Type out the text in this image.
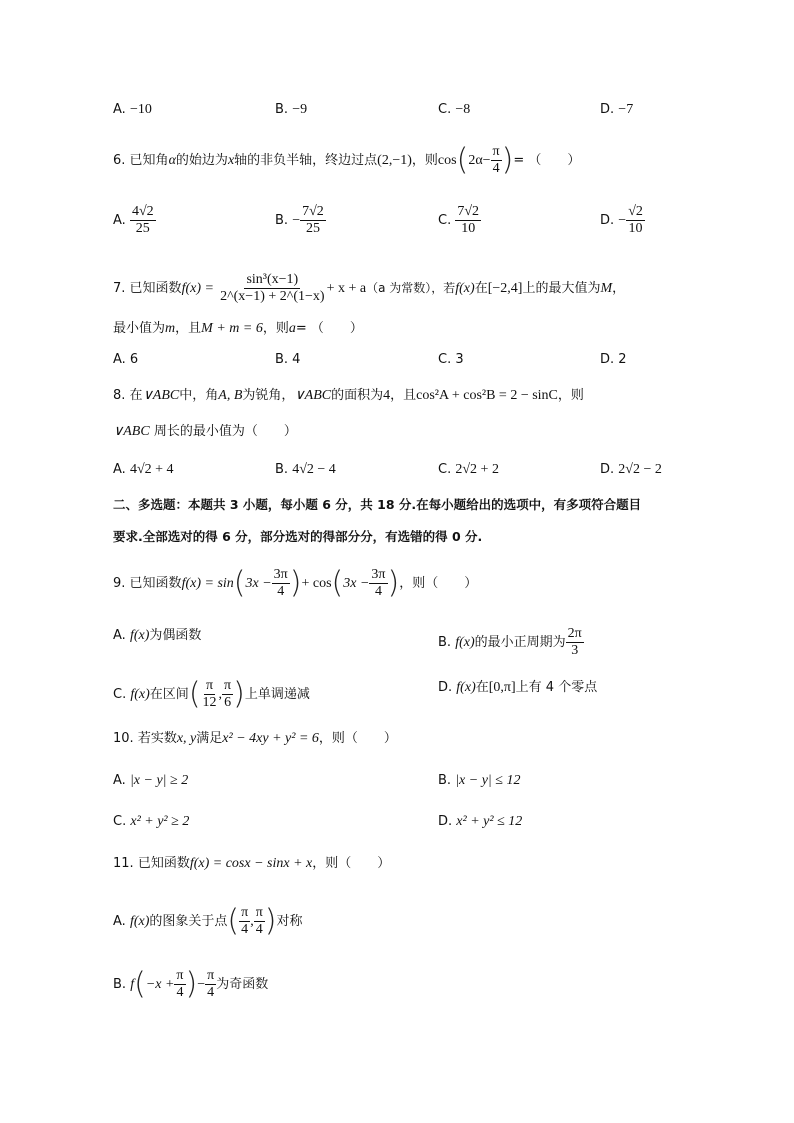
A. −10	B. −9	C. −8	D. −7
6. 已知角α的始边为x轴的非负半轴，终边过点(2,−1)，则$\cos(2\alpha- \frac{\pi}{4}$ )= （　　）
A. $\frac{4√2}{25}$	B. − $\frac{7√2}{25}$	C. $\frac{7√2}{10}$	D. − $\frac{√2}{10}$
7. 已知函数$f(x) = \frac{\text{sin³(x−1)}}{2\^{}(x-1) + 2\^{}(1-x)} + x + a(a$ 为常数），若f(x)在[−2,4]上的最大值为M，
最小值为m，且M + m = 6，则a= （　　）
A. 6	B. 4	C. 3	D. 2
8. 在∨ABC中，角A, B为锐角，∨ABC的面积为4，且cos²A + cos²B = 2 − sinC，则
∨ABC 周长的最小值为（　　）
A. 4√2 + 4	B. 4√2 − 4	C. 2√2 + 2	D. 2√2 − 2
二、多选题：本题共 3 小题，每小题 6 分，共 18 分.在每小题给出的选项中，有多项符合题目
要求.全部选对的得 6 分，部分选对的得部分分，有选错的得 0 分.
9. 已知函数$f(x) = \sin(3x - \frac{3\pi}{4}$ )+ $\cos(3x - \frac{3\pi}{4}$ )，则（　　）
A. f(x)为偶函数	B. f(x)的最小正周期为 $\frac{2\pi}{3}$
C. f(x)在区间( $\frac{\pi}{12}$ , $\frac{\pi}{6}$ )上单调递减	D. f(x)在[0,π]上有 4 个零点
10. 若实数x, y满足x² − 4xy + y² = 6，则（　　）
A. |x − y| ≥ 2	B. |x − y| ≤ 12
C. x² + y² ≥ 2	D. x² + y² ≤ 12
11. 已知函数f(x) = cosx − sinx + x，则（　　）
A. f(x)的图象关于点( $\frac{\pi}{4}$ , $\frac{\pi}{4}$ )对称
B. $f(-x + \frac{\pi}{4}$ )− $\frac{\pi}{4}$ 为奇函数
